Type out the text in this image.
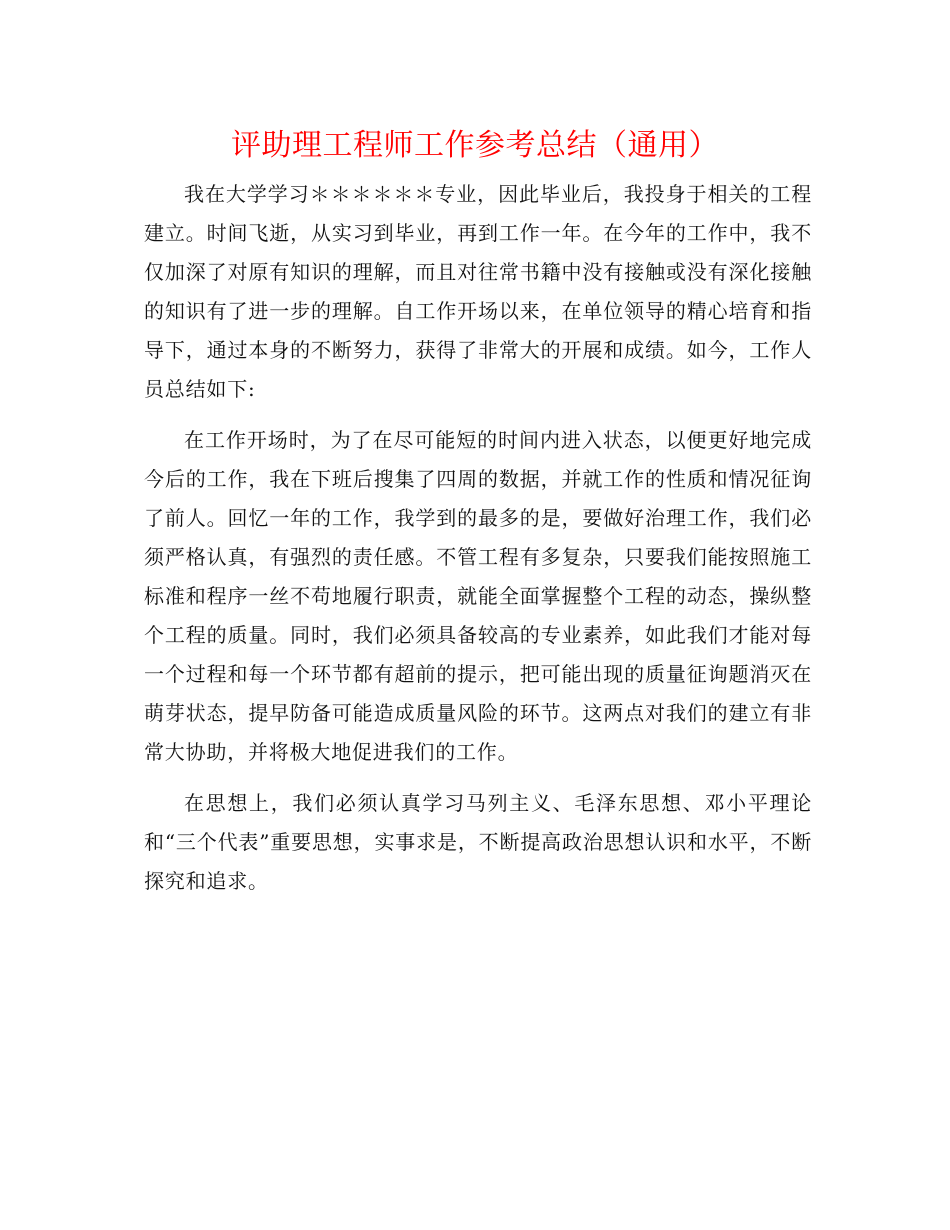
评助理工程师工作参考总结（通用）

我在大学学习＊＊＊＊＊＊专业，因此毕业后，我投身于相关的工程建立。时间飞逝，从实习到毕业，再到工作一年。在今年的工作中，我不仅加深了对原有知识的理解，而且对往常书籍中没有接触或没有深化接触的知识有了进一步的理解。自工作开场以来，在单位领导的精心培育和指导下，通过本身的不断努力，获得了非常大的开展和成绩。如今，工作人员总结如下:

在工作开场时，为了在尽可能短的时间内进入状态，以便更好地完成今后的工作，我在下班后搜集了四周的数据，并就工作的性质和情况征询了前人。回忆一年的工作，我学到的最多的是，要做好治理工作，我们必须严格认真，有强烈的责任感。不管工程有多复杂，只要我们能按照施工标准和程序一丝不苟地履行职责，就能全面掌握整个工程的动态，操纵整个工程的质量。同时，我们必须具备较高的专业素养，如此我们才能对每一个过程和每一个环节都有超前的提示，把可能出现的质量征询题消灭在萌芽状态，提早防备可能造成质量风险的环节。这两点对我们的建立有非常大协助，并将极大地促进我们的工作。

在思想上，我们必须认真学习马列主义、毛泽东思想、邓小平理论和“三个代表”重要思想，实事求是，不断提高政治思想认识和水平，不断探究和追求。
